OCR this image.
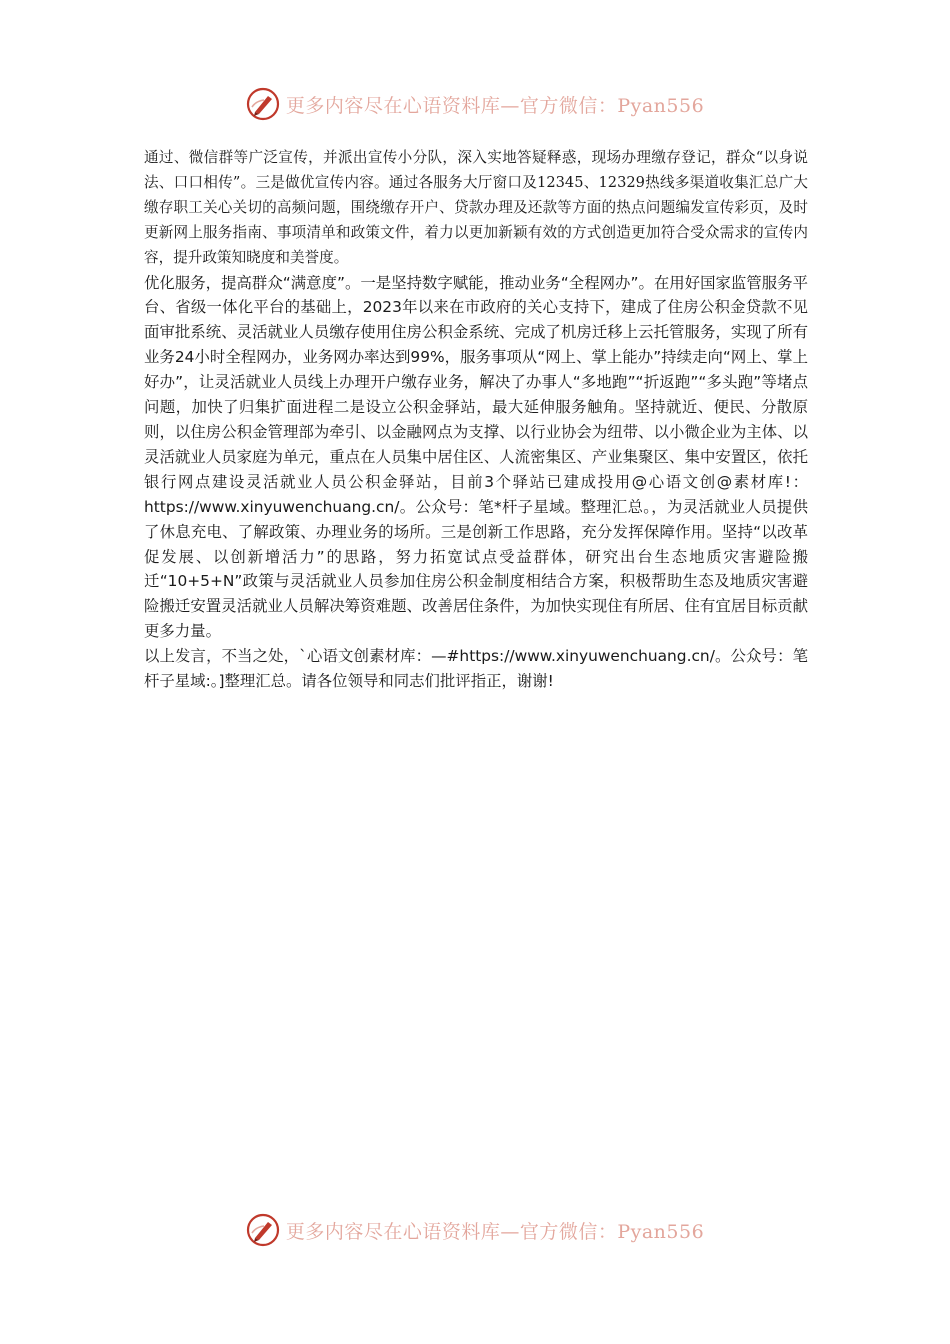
更多内容尽在心语资料库—官方微信：Pyan556

通过、微信群等广泛宣传，并派出宣传小分队，深入实地答疑释惑，现场办理缴存登记，群众“以身说法、口口相传”。三是做优宣传内容。通过各服务大厅窗口及12345、12329热线多渠道收集汇总广大缴存职工关心关切的高频问题，围绕缴存开户、贷款办理及还款等方面的热点问题编发宣传彩页，及时更新网上服务指南、事项清单和政策文件，着力以更加新颖有效的方式创造更加符合受众需求的宣传内容，提升政策知晓度和美誉度。

优化服务，提高群众“满意度”。一是坚持数字赋能，推动业务“全程网办”。在用好国家监管服务平台、省级一体化平台的基础上，2023年以来在市政府的关心支持下，建成了住房公积金贷款不见面审批系统、灵活就业人员缴存使用住房公积金系统、完成了机房迁移上云托管服务，实现了所有业务24小时全程网办，业务网办率达到99%，服务事项从“网上、掌上能办”持续走向“网上、掌上好办”，让灵活就业人员线上办理开户缴存业务，解决了办事人“多地跑”“折返跑”“多头跑”等堵点问题，加快了归集扩面进程二是设立公积金驿站，最大延伸服务触角。坚持就近、便民、分散原则，以住房公积金管理部为牵引、以金融网点为支撑、以行业协会为纽带、以小微企业为主体、以灵活就业人员家庭为单元，重点在人员集中居住区、人流密集区、产业集聚区、集中安置区，依托银行网点建设灵活就业人员公积金驿站，目前3个驿站已建成投用@心语文创@素材库!：https://www.xinyuwenchuang.cn/。公众号：笔*杆子星域。整理汇总。，为灵活就业人员提供了休息充电、了解政策、办理业务的场所。三是创新工作思路，充分发挥保障作用。坚持“以改革促发展、以创新增活力”的思路，努力拓宽试点受益群体，研究出台生态地质灾害避险搬迁“10+5+N”政策与灵活就业人员参加住房公积金制度相结合方案，积极帮助生态及地质灾害避险搬迁安置灵活就业人员解决筹资难题、改善居住条件，为加快实现住有所居、住有宜居目标贡献更多力量。

以上发言，不当之处，`心语文创素材库：—#https://www.xinyuwenchuang.cn/。公众号：笔杆子星域:。]整理汇总。请各位领导和同志们批评指正，谢谢!

更多内容尽在心语资料库—官方微信：Pyan556
